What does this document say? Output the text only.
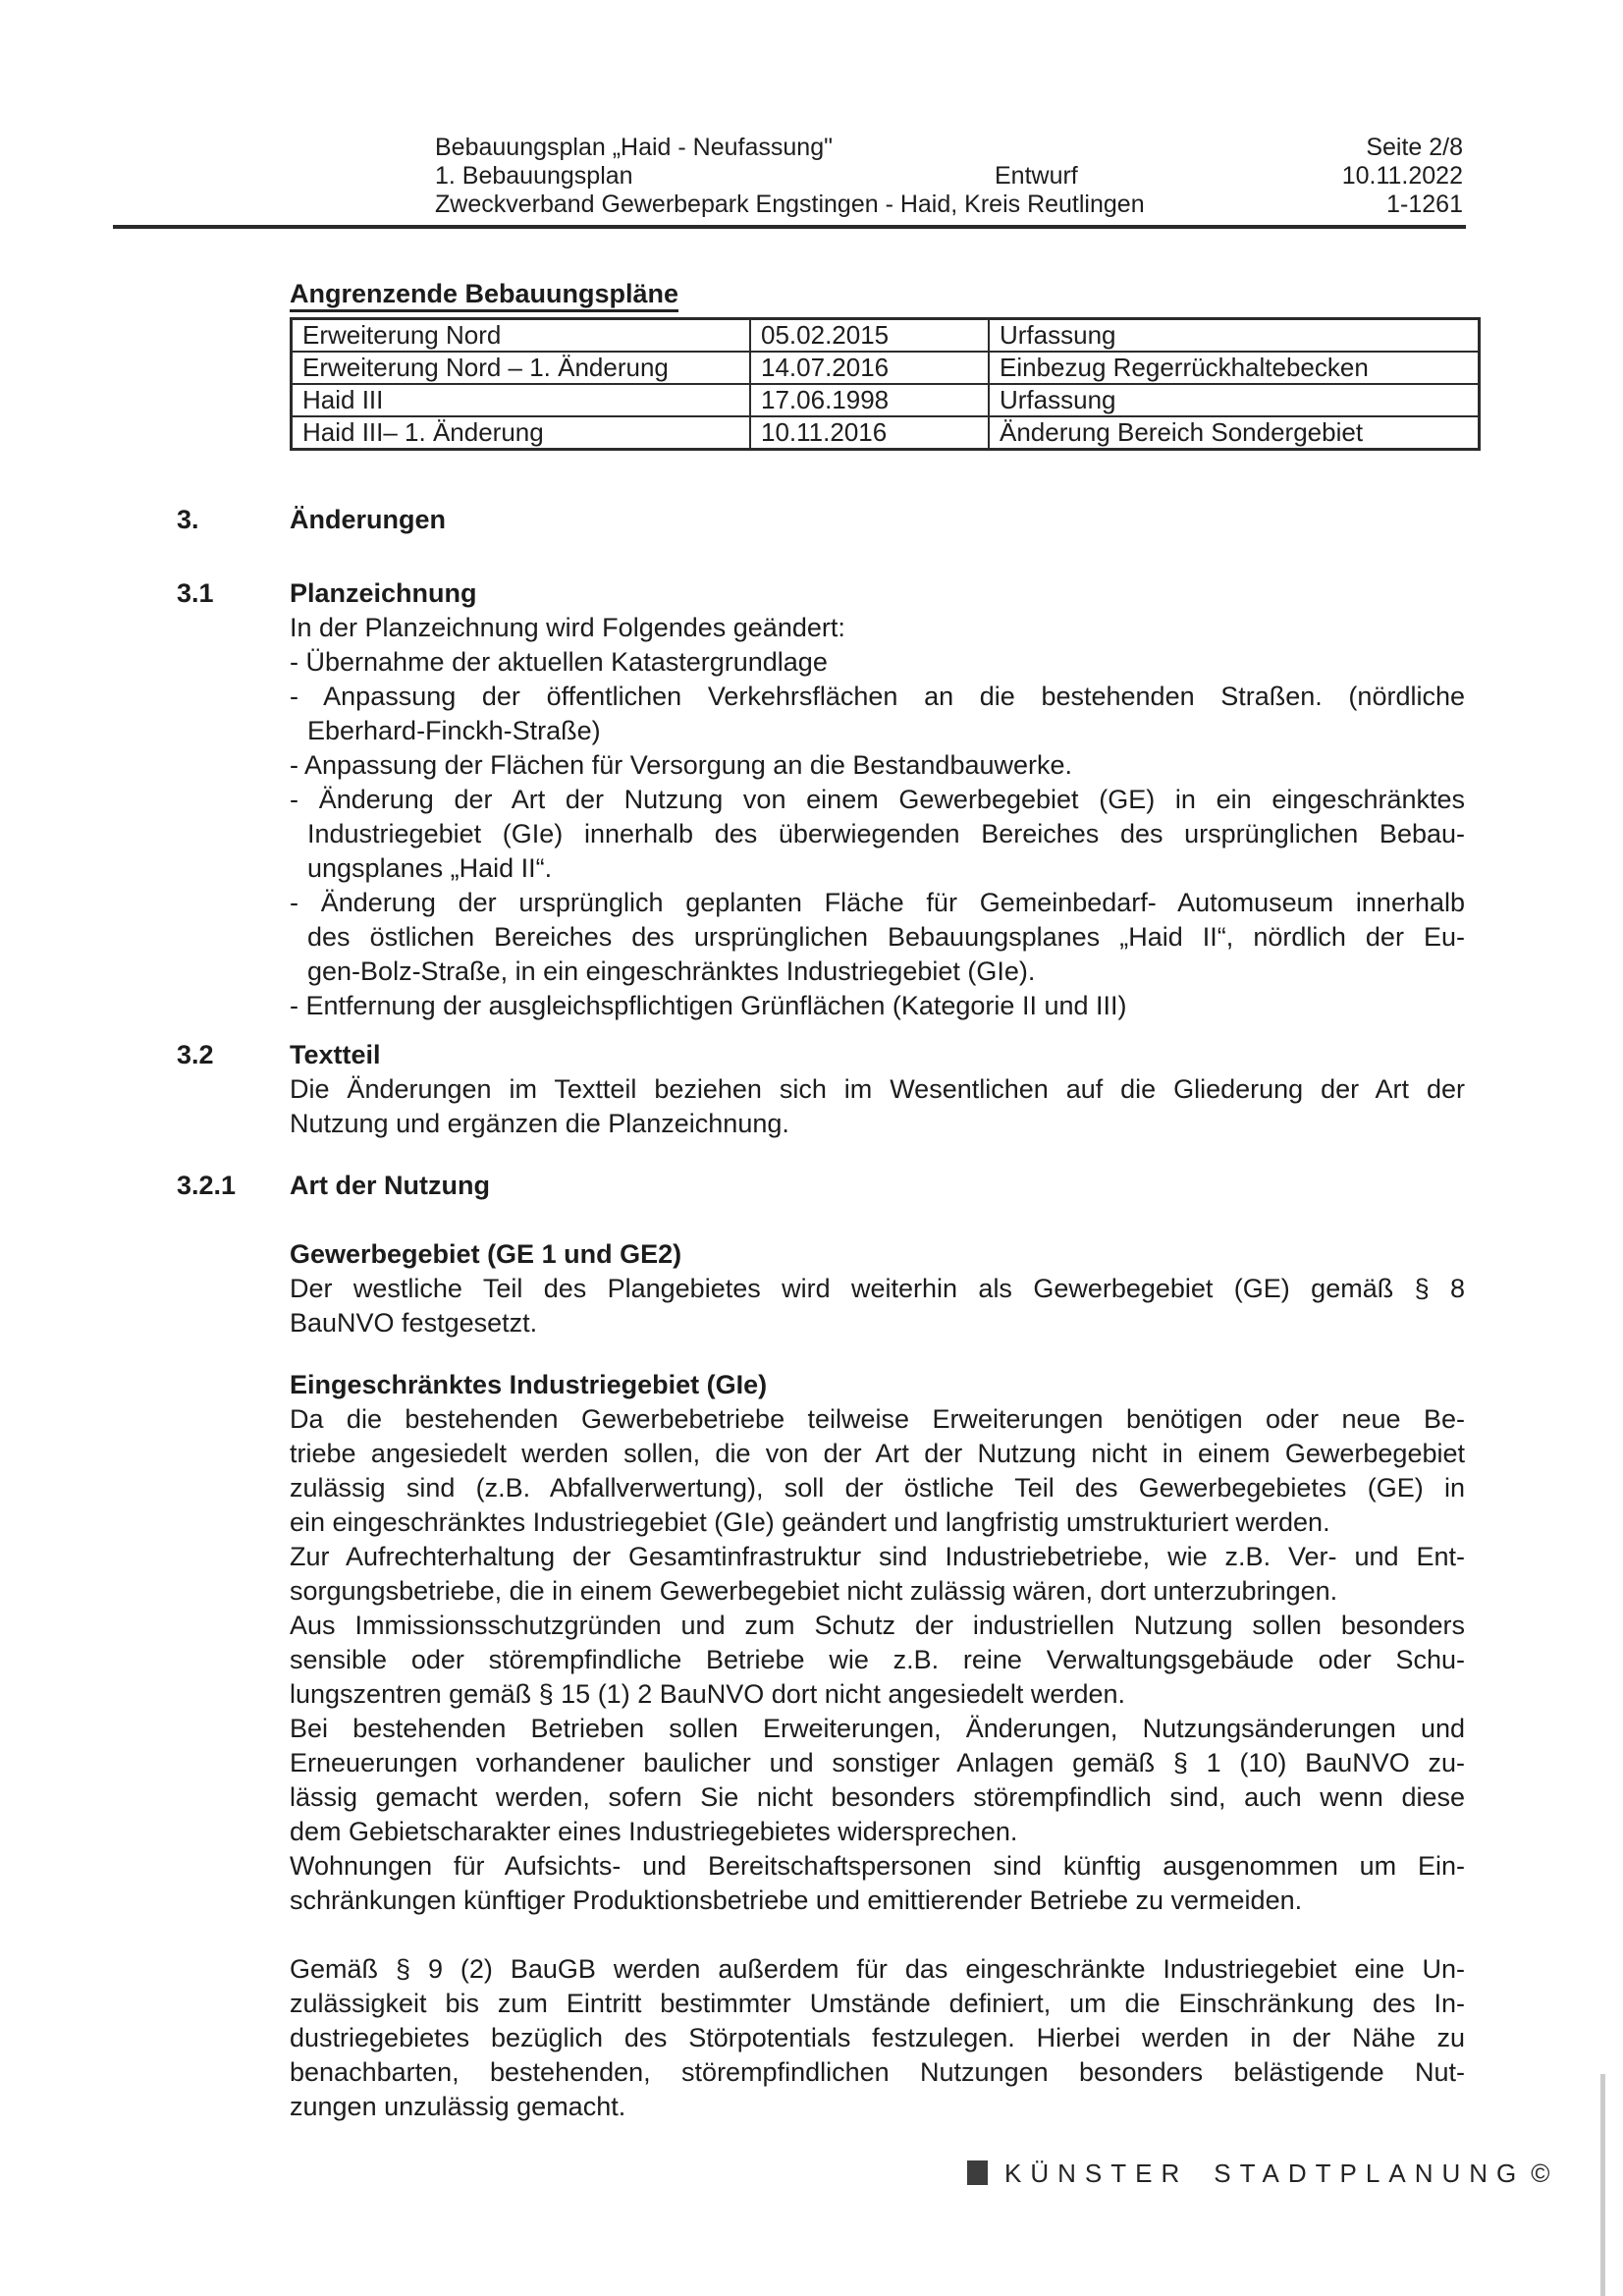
Bebauungsplan „Haid - Neufassung"	Seite 2/8
1. Bebauungsplan	Entwurf	10.11.2022
Zweckverband Gewerbepark Engstingen - Haid, Kreis Reutlingen	1-1261
Angrenzende Bebauungspläne
Erweiterung Nord	05.02.2015	Urfassung
Erweiterung Nord – 1. Änderung	14.07.2016	Einbezug Regerrückhaltebecken
Haid III	17.06.1998	Urfassung
Haid III– 1. Änderung	10.11.2016	Änderung Bereich Sondergebiet
3.	Änderungen
3.1	Planzeichnung
In der Planzeichnung wird Folgendes geändert:
- Übernahme der aktuellen Katastergrundlage
- Anpassung der öffentlichen Verkehrsflächen an die bestehenden Straßen. (nördliche
Eberhard-Finckh-Straße)
- Anpassung der Flächen für Versorgung an die Bestandbauwerke.
- Änderung der Art der Nutzung von einem Gewerbegebiet (GE) in ein eingeschränktes
Industriegebiet (GIe) innerhalb des überwiegenden Bereiches des ursprünglichen Bebau-
ungsplanes „Haid II“.
- Änderung der ursprünglich geplanten Fläche für Gemeinbedarf- Automuseum innerhalb
des östlichen Bereiches des ursprünglichen Bebauungsplanes „Haid II“, nördlich der Eu-
gen-Bolz-Straße, in ein eingeschränktes Industriegebiet (GIe).
- Entfernung der ausgleichspflichtigen Grünflächen (Kategorie II und III)
3.2	Textteil
Die Änderungen im Textteil beziehen sich im Wesentlichen auf die Gliederung der Art der
Nutzung und ergänzen die Planzeichnung.
3.2.1	Art der Nutzung
Gewerbegebiet (GE 1 und GE2)
Der westliche Teil des Plangebietes wird weiterhin als Gewerbegebiet (GE) gemäß § 8
BauNVO festgesetzt.
Eingeschränktes Industriegebiet (GIe)
Da die bestehenden Gewerbebetriebe teilweise Erweiterungen benötigen oder neue Be-
triebe angesiedelt werden sollen, die von der Art der Nutzung nicht in einem Gewerbegebiet
zulässig sind (z.B. Abfallverwertung), soll der östliche Teil des Gewerbegebietes (GE) in
ein eingeschränktes Industriegebiet (GIe) geändert und langfristig umstrukturiert werden.
Zur Aufrechterhaltung der Gesamtinfrastruktur sind Industriebetriebe, wie z.B. Ver- und Ent-
sorgungsbetriebe, die in einem Gewerbegebiet nicht zulässig wären, dort unterzubringen.
Aus Immissionsschutzgründen und zum Schutz der industriellen Nutzung sollen besonders
sensible oder störempfindliche Betriebe wie z.B. reine Verwaltungsgebäude oder Schu-
lungszentren gemäß § 15 (1) 2 BauNVO dort nicht angesiedelt werden.
Bei bestehenden Betrieben sollen Erweiterungen, Änderungen, Nutzungsänderungen und
Erneuerungen vorhandener baulicher und sonstiger Anlagen gemäß § 1 (10) BauNVO zu-
lässig gemacht werden, sofern Sie nicht besonders störempfindlich sind, auch wenn diese
dem Gebietscharakter eines Industriegebietes widersprechen.
Wohnungen für Aufsichts- und Bereitschaftspersonen sind künftig ausgenommen um Ein-
schränkungen künftiger Produktionsbetriebe und emittierender Betriebe zu vermeiden.
Gemäß § 9 (2) BauGB werden außerdem für das eingeschränkte Industriegebiet eine Un-
zulässigkeit bis zum Eintritt bestimmter Umstände definiert, um die Einschränkung des In-
dustriegebietes bezüglich des Störpotentials festzulegen. Hierbei werden in der Nähe zu
benachbarten, bestehenden, störempfindlichen Nutzungen besonders belästigende Nut-
zungen unzulässig gemacht.
KÜNSTER STADTPLANUNG ©
